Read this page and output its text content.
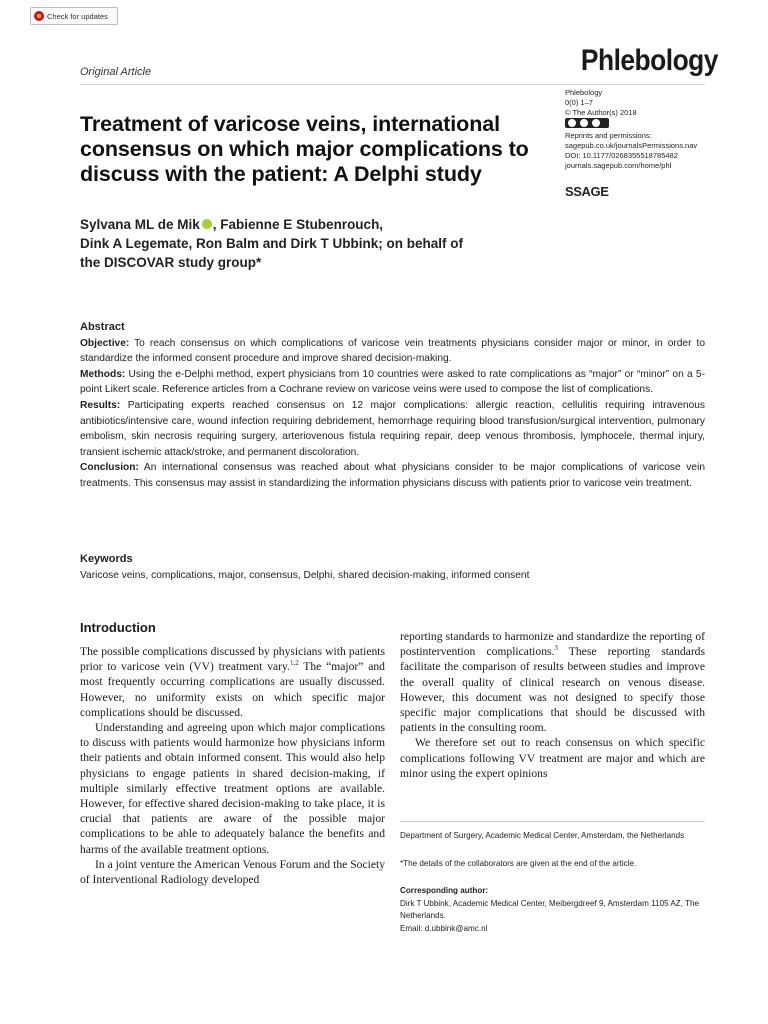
Check for updates
Original Article	Phlebology
Phlebology
0(0) 1–7
© The Author(s) 2018
Reprints and permissions:
sagepub.co.uk/journalsPermissions.nav
DOI: 10.1177/0268355518785482
journals.sagepub.com/home/phl
SSAGE
Treatment of varicose veins, international consensus on which major complications to discuss with the patient: A Delphi study
Sylvana ML de Mik , Fabienne E Stubenrouch,
Dink A Legemate, Ron Balm and Dirk T Ubbink; on behalf of
the DISCOVAR study group*
Abstract

Objective: To reach consensus on which complications of varicose vein treatments physicians consider major or minor, in order to standardize the informed consent procedure and improve shared decision-making.

Methods: Using the e-Delphi method, expert physicians from 10 countries were asked to rate complications as “major” or “minor” on a 5-point Likert scale. Reference articles from a Cochrane review on varicose veins were used to compose the list of complications.

Results: Participating experts reached consensus on 12 major complications: allergic reaction, cellulitis requiring intravenous antibiotics/intensive care, wound infection requiring debridement, hemorrhage requiring blood transfusion/surgical intervention, pulmonary embolism, skin necrosis requiring surgery, arteriovenous fistula requiring repair, deep venous thrombosis, lymphocele, thermal injury, transient ischemic attack/stroke, and permanent discoloration.

Conclusion: An international consensus was reached about what physicians consider to be major complications of varicose vein treatments. This consensus may assist in standardizing the information physicians discuss with patients prior to varicose vein treatment.

Keywords
Varicose veins, complications, major, consensus, Delphi, shared decision-making, informed consent
Introduction

The possible complications discussed by physicians with patients prior to varicose vein (VV) treatment vary.$^{1,2}$ The “major” and most frequently occurring complications are usually discussed. However, no uniformity exists on which specific major complications should be discussed.

Understanding and agreeing upon which major complications to discuss with patients would harmonize how physicians inform their patients and obtain informed consent. This would also help physicians to engage patients in shared decision-making, if multiple similarly effective treatment options are available. However, for effective shared decision-making to take place, it is crucial that patients are aware of the possible major complications to be able to adequately balance the benefits and harms of the available treatment options.

In a joint venture the American Venous Forum and the Society of Interventional Radiology developed

reporting standards to harmonize and standardize the reporting of postintervention complications.$^3$ These reporting standards facilitate the comparison of results between studies and improve the overall quality of clinical research on venous disease. However, this document was not designed to specify those specific major complications that should be discussed with patients in the consulting room.

We therefore set out to reach consensus on which specific complications following VV treatment are major and which are minor using the expert opinions

Department of Surgery, Academic Medical Center, Amsterdam, the Netherlands
*The details of the collaborators are given at the end of the article.
Corresponding author:
Dirk T Ubbink, Academic Medical Center, Meibergdreef 9, Amsterdam 1105 AZ, The Netherlands.
Email: d.ubbink@amc.nl
